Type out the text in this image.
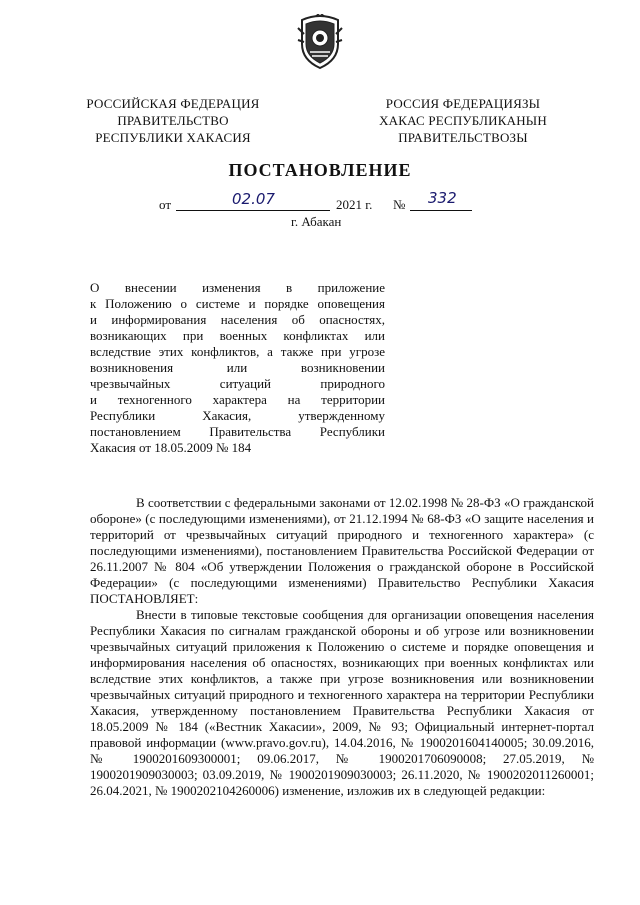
РОССИЙСКАЯ ФЕДЕРАЦИЯ
ПРАВИТЕЛЬСТВО
РЕСПУБЛИКИ ХАКАСИЯ
РОССИЯ ФЕДЕРАЦИЯЗЫ
ХАКАС РЕСПУБЛИКАНЫН
ПРАВИТЕЛЬСТВОЗЫ
ПОСТАНОВЛЕНИЕ
от	02.07	2021 г. № 332
г. Абакан
О внесении изменения в приложение
к Положению о системе и порядке оповещения
и информирования населения об опасностях,
возникающих при военных конфликтах или
вследствие этих конфликтов, а также при угрозе
возникновения или возникновении
чрезвычайных ситуаций природного
и техногенного характера на территории
Республики Хакасия, утвержденному
постановлением Правительства Республики
Хакасия от 18.05.2009 № 184

В соответствии с федеральными законами от 12.02.1998 № 28-ФЗ «О гражданской обороне» (с последующими изменениями), от 21.12.1994 № 68-ФЗ «О защите населения и территорий от чрезвычайных ситуаций природного и техногенного характера» (с последующими изменениями), постановлением Правительства Российской Федерации от 26.11.2007 № 804 «Об утверждении Положения о гражданской обороне в Российской Федерации» (с последующими изменениями) Правительство Республики Хакасия ПОСТАНОВЛЯЕТ:

Внести в типовые текстовые сообщения для организации оповещения населения Республики Хакасия по сигналам гражданской обороны и об угрозе или возникновении чрезвычайных ситуаций приложения к Положению о системе и порядке оповещения и информирования населения об опасностях, возникающих при военных конфликтах или вследствие этих конфликтов, а также при угрозе возникновения или возникновении чрезвычайных ситуаций природного и техногенного характера на территории Республики Хакасия, утвержденному постановлением Правительства Республики Хакасия от 18.05.2009 № 184 («Вестник Хакасии», 2009, № 93; Официальный интернет-портал правовой информации (www.pravo.gov.ru), 14.04.2016, № 1900201604140005; 30.09.2016, № 1900201609300001; 09.06.2017, № 1900201706090008; 27.05.2019, № 1900201909030003; 03.09.2019, № 1900201909030003; 26.11.2020, № 1900202011260001; 26.04.2021, № 1900202104260006) изменение, изложив их в следующей редакции:
